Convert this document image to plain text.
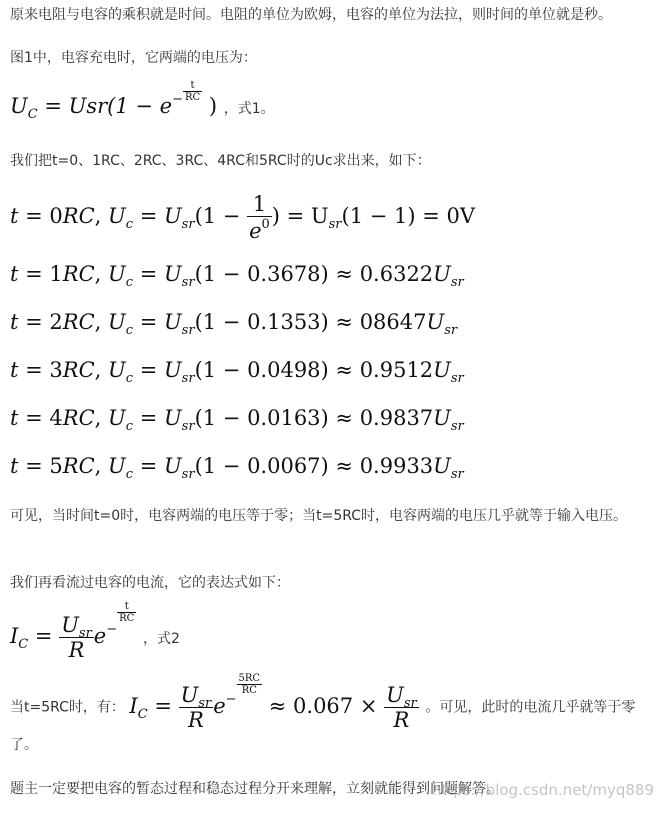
原来电阻与电容的乘积就是时间。电阻的单位为欧姆，电容的单位为法拉，则时间的单位就是秒。
图1中，电容充电时，它两端的电压为：
$U_C = Usr(1 - e^{- \frac{t}{RC}}$
) ，式1。
我们把t=0、1RC、2RC、3RC、4RC和5RC时的Uc求出来，如下：
t = 0RC, $U_c = U_{sr}(1 - \frac{1}{e^0}$ ) = $U_{sr}(1 - 1) = 0V$
t = 1RC, $U_c = U_{sr}(1 - 0.3678) \approx 0.6322U_{sr}$
t = 2RC, $U_c = U_{sr}(1 - 0.1353) \approx 08647U_{sr}$
t = 3RC, $U_c = U_{sr}(1 - 0.0498) \approx 0.9512U_{sr}$
t = 4RC, $U_c = U_{sr}(1 - 0.0163) \approx 0.9837U_{sr}$
t = 5RC, $U_c = U_{sr}(1 - 0.0067) \approx 0.9933U_{sr}$
可见，当时间t=0时，电容两端的电压等于零；当t=5RC时，电容两端的电压几乎就等于输入电压。
我们再看流过电容的电流，它的表达式如下：
$I_C = \frac{U_{sr}}{R} e^{- \frac{t}{RC}}$
，式2
当t=5RC时，有： $I_C = \frac{U_{sr}}{R} e^{- \frac{5RC}{RC}}$
≈ $0.067 \times \frac{U_{sr}}{R}$ 。可见，此时的电流几乎就等于零了。
题主一定要把电容的暂态过程和稳态过程分开来理解，立刻就能得到问题解答。
https://blog.csdn.net/myq889
